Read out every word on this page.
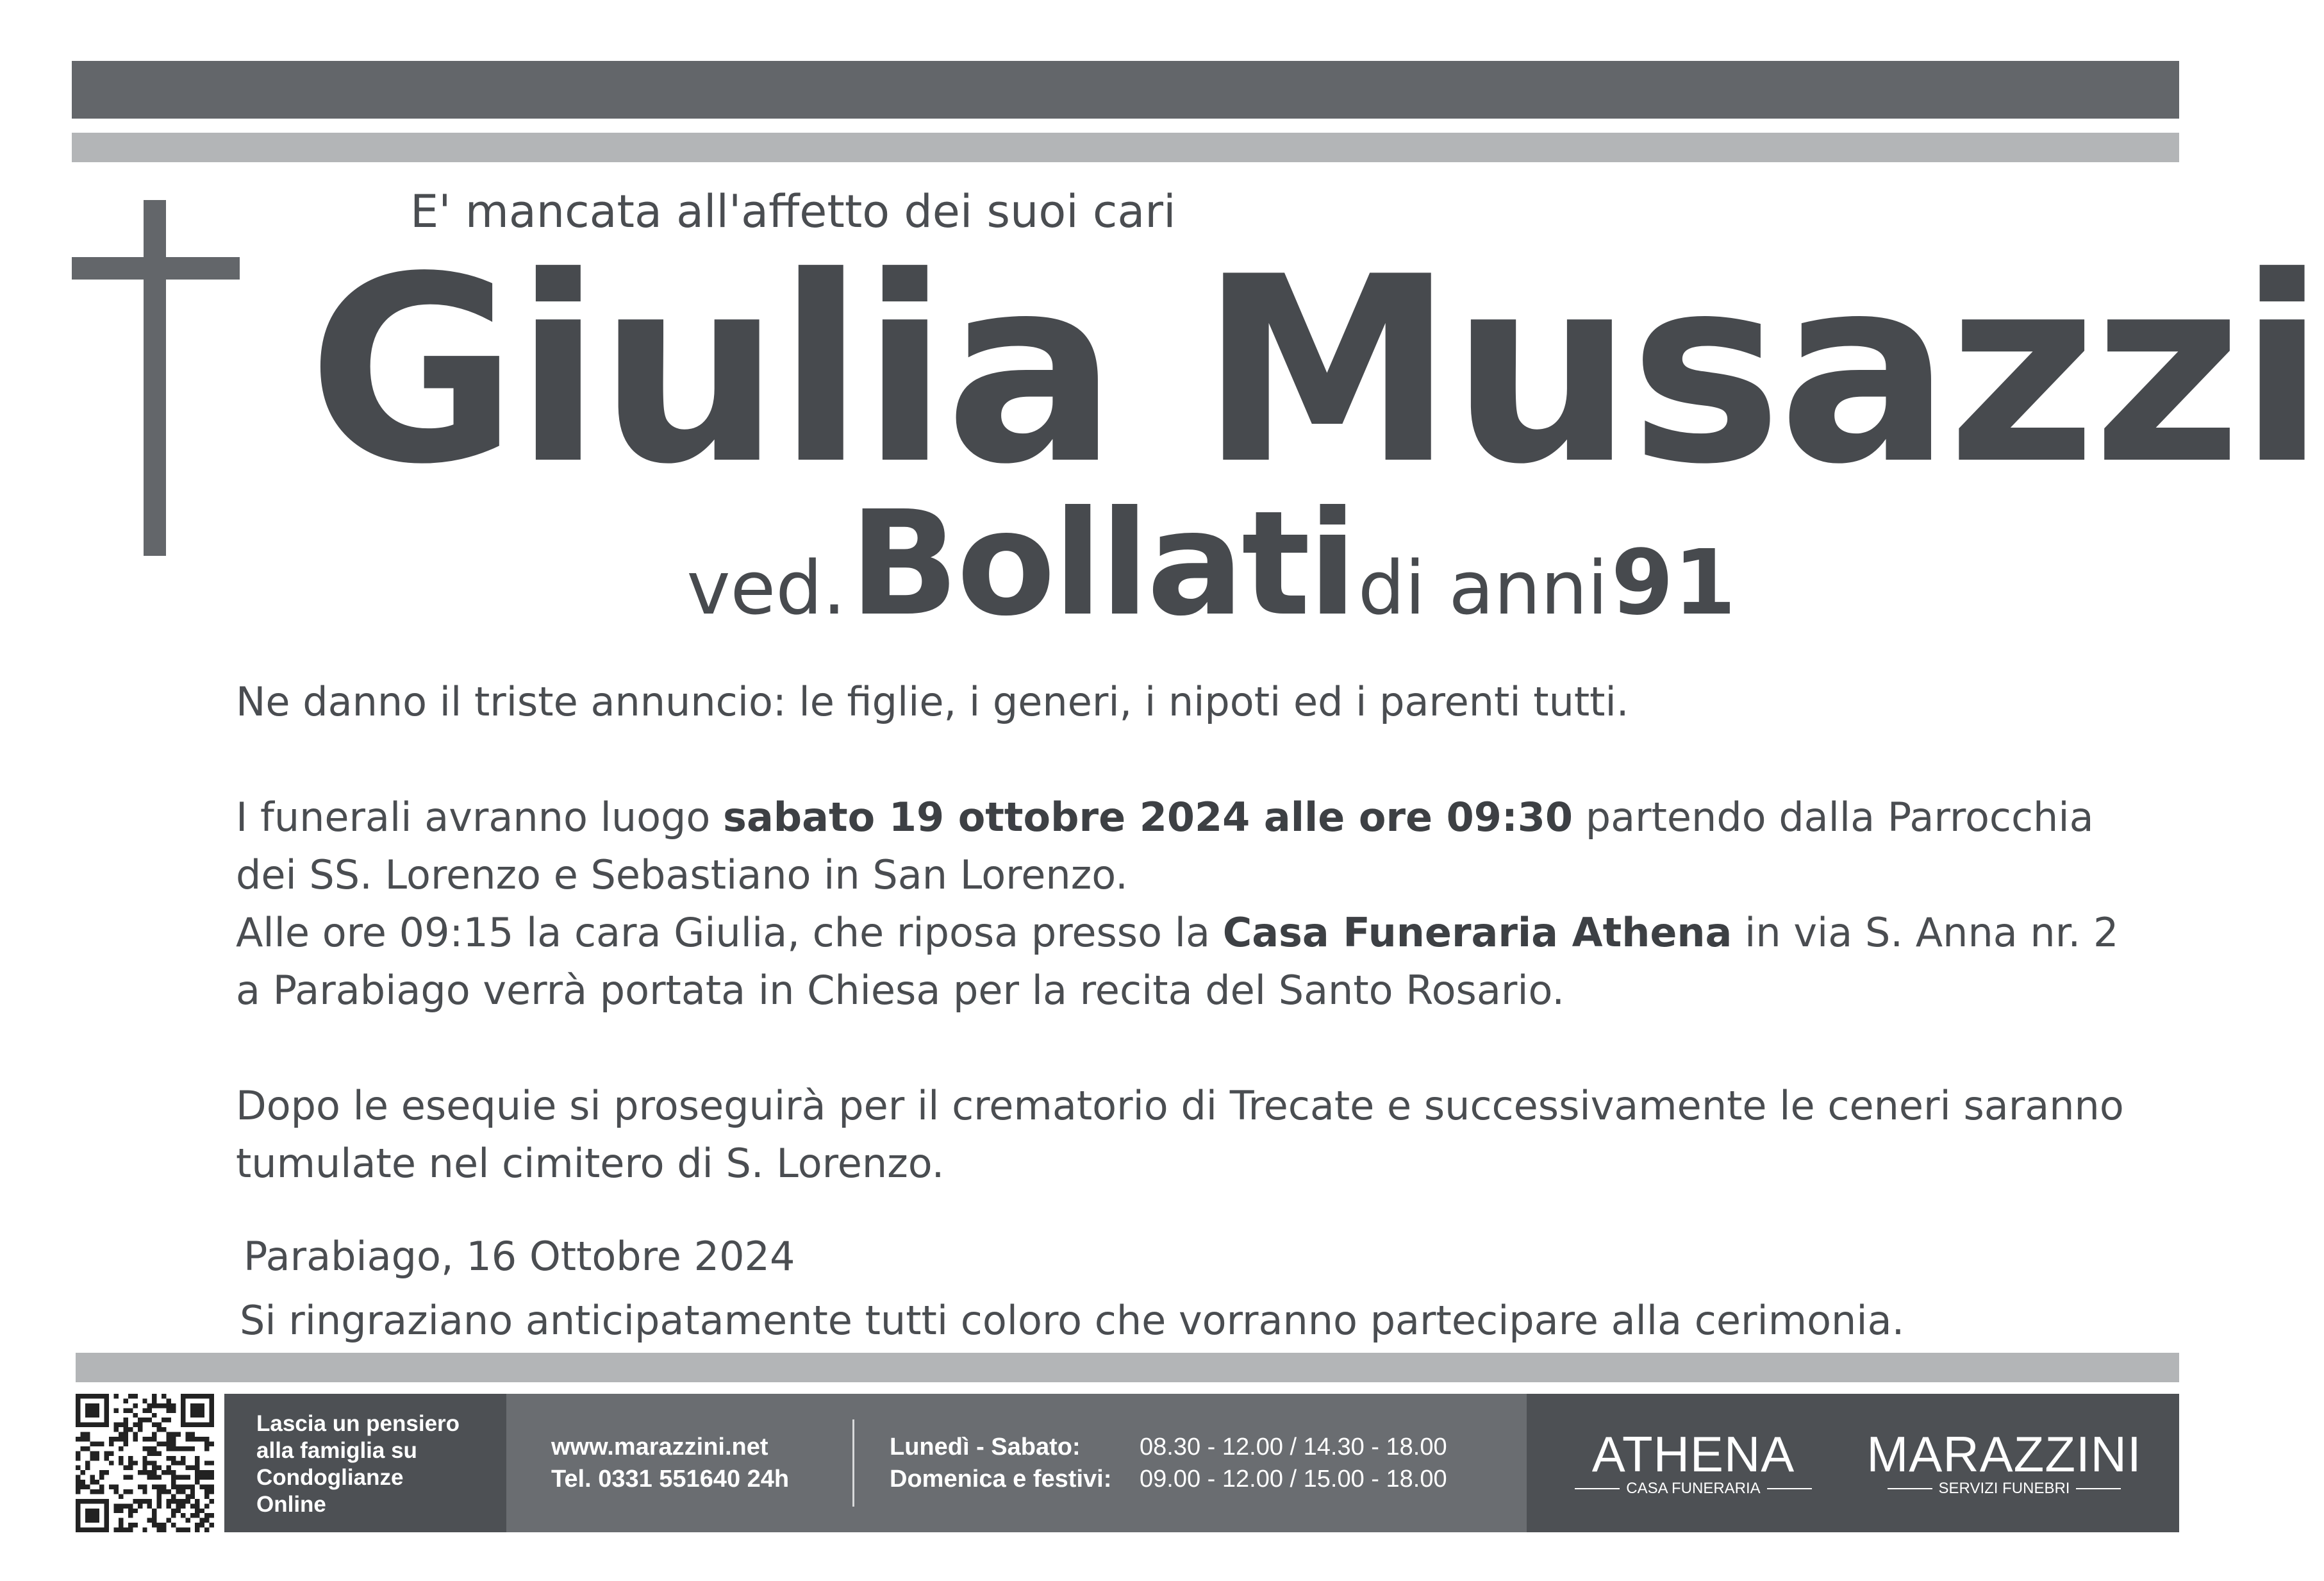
E' mancata all'affetto dei suoi cari
Giulia Musazzi
ved. Bollati di anni 91

Ne danno il triste annuncio: le figlie, i generi, i nipoti ed i parenti tutti.

I funerali avranno luogo sabato 19 ottobre 2024 alle ore 09:30 partendo dalla Parrocchia

dei SS. Lorenzo e Sebastiano in San Lorenzo.

Alle ore 09:15 la cara Giulia, che riposa presso la Casa Funeraria Athena in via S. Anna nr. 2

a Parabiago verrà portata in Chiesa per la recita del Santo Rosario.

Dopo le esequie si proseguirà per il crematorio di Trecate e successivamente le ceneri saranno

tumulate nel cimitero di S. Lorenzo.

Parabiago, 16 Ottobre 2024
Si ringraziano anticipatamente tutti coloro che vorranno partecipare alla cerimonia.
Lascia un pensiero
alla famiglia su
Condoglianze
Online
www.marazzini.net
Tel. 0331 551640 24h
Lunedì - Sabato:	08.30 - 12.00 / 14.30 - 18.00
Domenica e festivi:	09.00 - 12.00 / 15.00 - 18.00	ATHENA
CASA FUNERARIA
MARAZZINI
SERVIZI FUNEBRI
